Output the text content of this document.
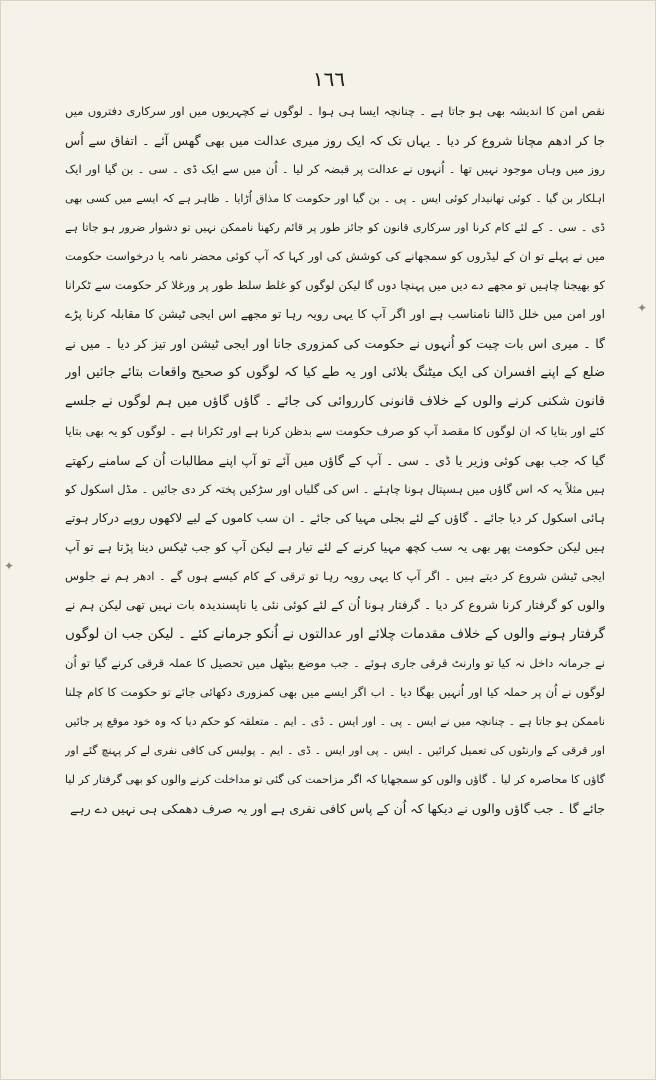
١٦٦
نقص امن کا اندیشہ بھی ہو جاتا ہے ۔ چنانچہ ایسا ہی ہوا ۔ لوگوں نے کچہریوں میں اور سرکاری دفتروں میں
جا کر ادھم مچانا شروع کر دیا ۔ یہاں تک کہ ایک روز میری عدالت میں بھی گھس آئے ۔ اتفاق سے اُس
روز میں وہاں موجود نہیں تھا ۔ اُنہوں نے عدالت پر قبضہ کر لیا ۔ اُن میں سے ایک ڈی ۔ سی ۔ بن گیا اور ایک
اہلکار بن گیا ۔ کوئی تھانیدار کوئی ایس ۔ پی ۔ بن گیا اور حکومت کا مذاق اُڑایا ۔ ظاہر ہے کہ ایسے میں کسی بھی
ڈی ۔ سی ۔ کے لئے کام کرنا اور سرکاری قانون کو جائز طور پر قائم رکھنا ناممکن نہیں تو دشوار ضرور ہو جاتا ہے
میں نے پہلے تو ان کے لیڈروں کو سمجھانے کی کوشش کی اور کہا کہ آپ کوئی محضر نامہ یا درخواست حکومت
کو بھیجنا چاہیں تو مجھے دے دیں میں پہنچا دوں گا لیکن لوگوں کو غلط سلط طور پر ورغلا کر حکومت سے ٹکرانا
اور امن میں خلل ڈالنا نامناسب ہے اور اگر آپ کا یہی رویہ رہا تو مجھے اس ایجی ٹیشن کا مقابلہ کرنا پڑے
گا ۔ میری اس بات چیت کو اُنہوں نے حکومت کی کمزوری جانا اور ایجی ٹیشن اور تیز کر دیا ۔ میں نے
ضلع کے اپنے افسران کی ایک میٹنگ بلائی اور یہ طے کیا کہ لوگوں کو صحیح واقعات بتائے جائیں اور
قانون شکنی کرنے والوں کے خلاف قانونی کارروائی کی جائے ۔ گاؤں گاؤں میں ہم لوگوں نے جلسے
کئے اور بتایا کہ ان لوگوں کا مقصد آپ کو صرف حکومت سے بدظن کرنا ہے اور ٹکرانا ہے ۔ لوگوں کو یہ بھی بتایا
گیا کہ جب بھی کوئی وزیر یا ڈی ۔ سی ۔ آپ کے گاؤں میں آئے تو آپ اپنے مطالبات اُن کے سامنے رکھتے
ہیں مثلاً یہ کہ اس گاؤں میں ہسپتال ہونا چاہئے ۔ اس کی گلیاں اور سڑکیں پختہ کر دی جائیں ۔ مڈل اسکول کو
ہائی اسکول کر دیا جائے ۔ گاؤں کے لئے بجلی مہیا کی جائے ۔ ان سب کاموں کے لیے لاکھوں روپے درکار ہوتے
ہیں لیکن حکومت پھر بھی یہ سب کچھ مہیا کرنے کے لئے تیار ہے لیکن آپ کو جب ٹیکس دینا پڑتا ہے تو آپ
ایجی ٹیشن شروع کر دیتے ہیں ۔ اگر آپ کا یہی رویہ رہا تو ترقی کے کام کیسے ہوں گے ۔ ادھر ہم نے جلوس
والوں کو گرفتار کرنا شروع کر دیا ۔ گرفتار ہونا اُن کے لئے کوئی نئی یا ناپسندیدہ بات نہیں تھی لیکن ہم نے
گرفتار ہونے والوں کے خلاف مقدمات چلائے اور عدالتوں نے اُنکو جرمانے کئے ۔ لیکن جب ان لوگوں
نے جرمانہ داخل نہ کیا تو وارنٹ قرقی جاری ہوئے ۔ جب موضع بیٹھل میں تحصیل کا عملہ قرقی کرنے گیا تو اُن
لوگوں نے اُن پر حملہ کیا اور اُنہیں بھگا دیا ۔ اب اگر ایسے میں بھی کمزوری دکھائی جائے تو حکومت کا کام چلنا
ناممکن ہو جاتا ہے ۔ چنانچہ میں نے ایس ۔ پی ۔ اور ایس ۔ ڈی ۔ ایم ۔ متعلقہ کو حکم دیا کہ وہ خود موقع پر جائیں
اور قرقی کے وارنٹوں کی تعمیل کرائیں ۔ ایس ۔ پی اور ایس ۔ ڈی ۔ ایم ۔ پولیس کی کافی نفری لے کر پہنچ گئے اور
گاؤں کا محاصرہ کر لیا ۔ گاؤں والوں کو سمجھایا کہ اگر مزاحمت کی گئی تو مداخلت کرنے والوں کو بھی گرفتار کر لیا
جائے گا ۔ جب گاؤں والوں نے دیکھا کہ اُن کے پاس کافی نفری ہے اور یہ صرف دھمکی ہی نہیں دے رہے
✦
✦
